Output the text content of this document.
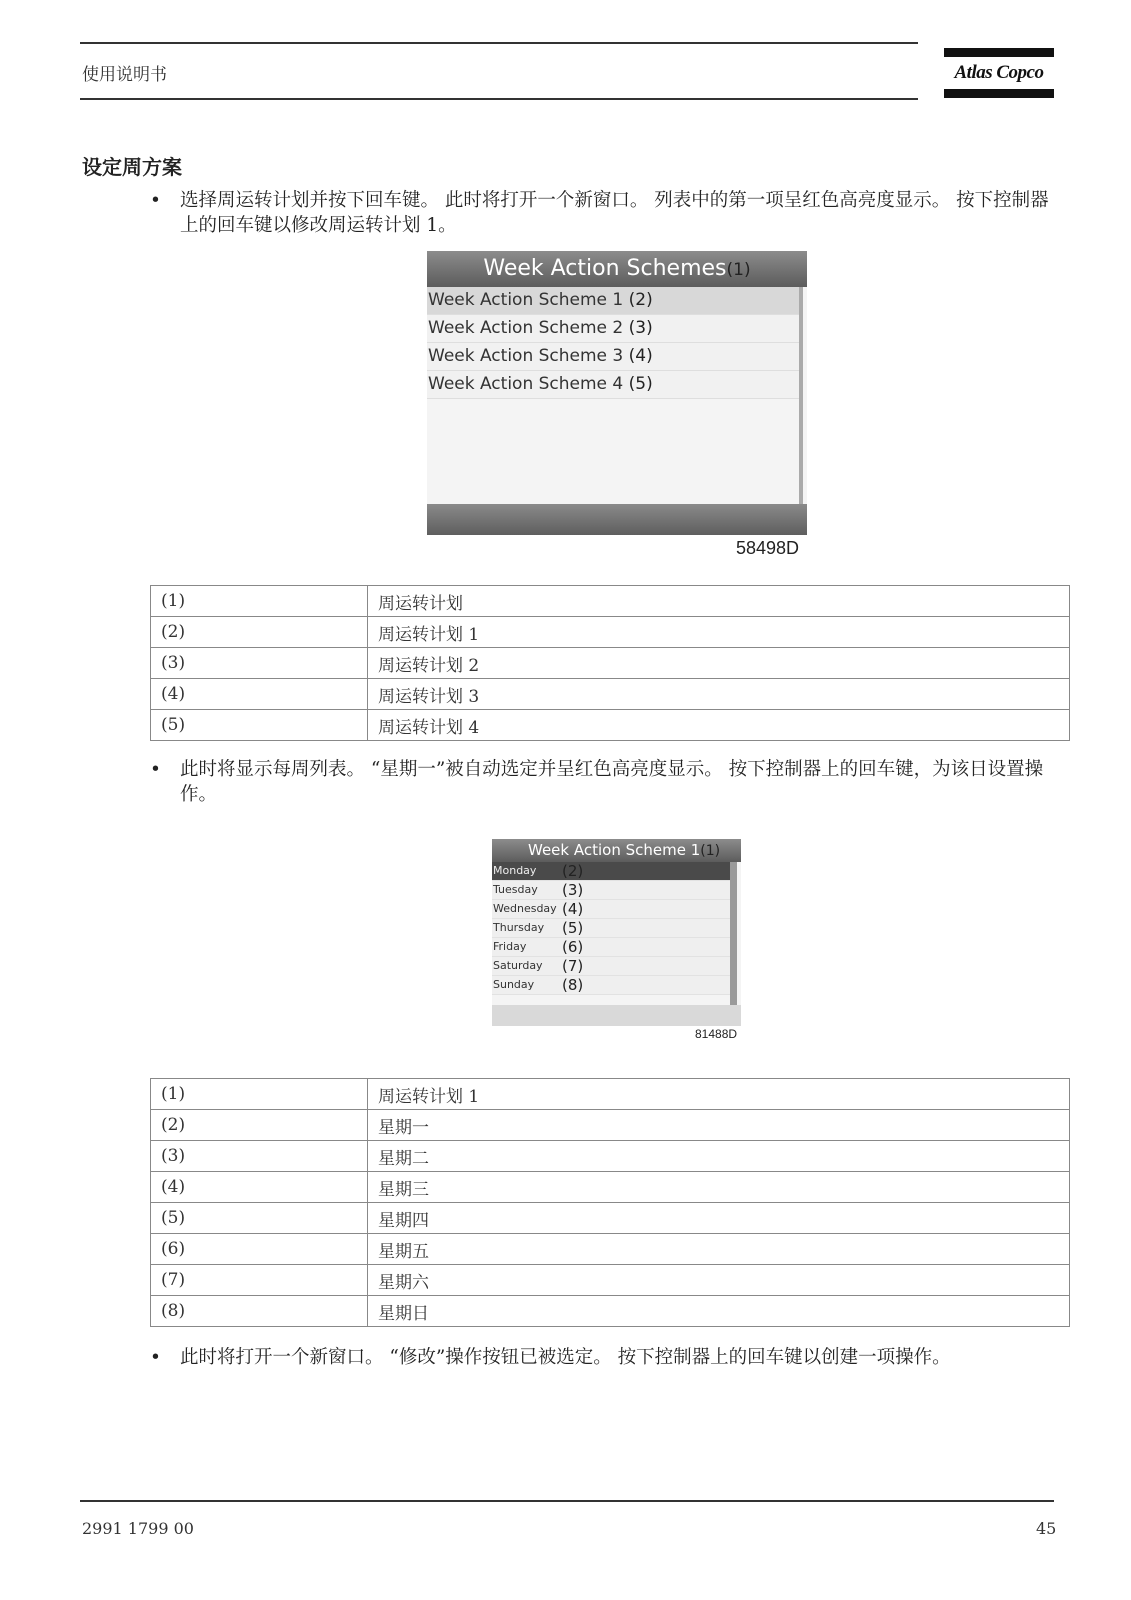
使用说明书	Atlas Copco
设定周方案
• 选择周运转计划并按下回车键。 此时将打开一个新窗口。 列表中的第一项呈红色高亮度显示。 按下控制器上的回车键以修改周运转计划 1。
Week Action Schemes(1)
Week Action Scheme 1 (2)
Week Action Scheme 2 (3)
Week Action Scheme 3 (4)
Week Action Scheme 4 (5)
58498D
(1)	周运转计划
(2)	周运转计划 1
(3)	周运转计划 2
(4)	周运转计划 3
(5)	周运转计划 4
• 此时将显示每周列表。 “星期一”被自动选定并呈红色高亮度显示。 按下控制器上的回车键，为该日设置操作。
Week Action Scheme 1(1)
Monday (2)
Tuesday (3)
Wednesday (4)
Thursday (5)
Friday (6)
Saturday (7)
Sunday (8)
81488D
(1)	周运转计划 1
(2)	星期一
(3)	星期二
(4)	星期三
(5)	星期四
(6)	星期五
(7)	星期六
(8)	星期日
• 此时将打开一个新窗口。 “修改”操作按钮已被选定。 按下控制器上的回车键以创建一项操作。
2991 1799 00	45
